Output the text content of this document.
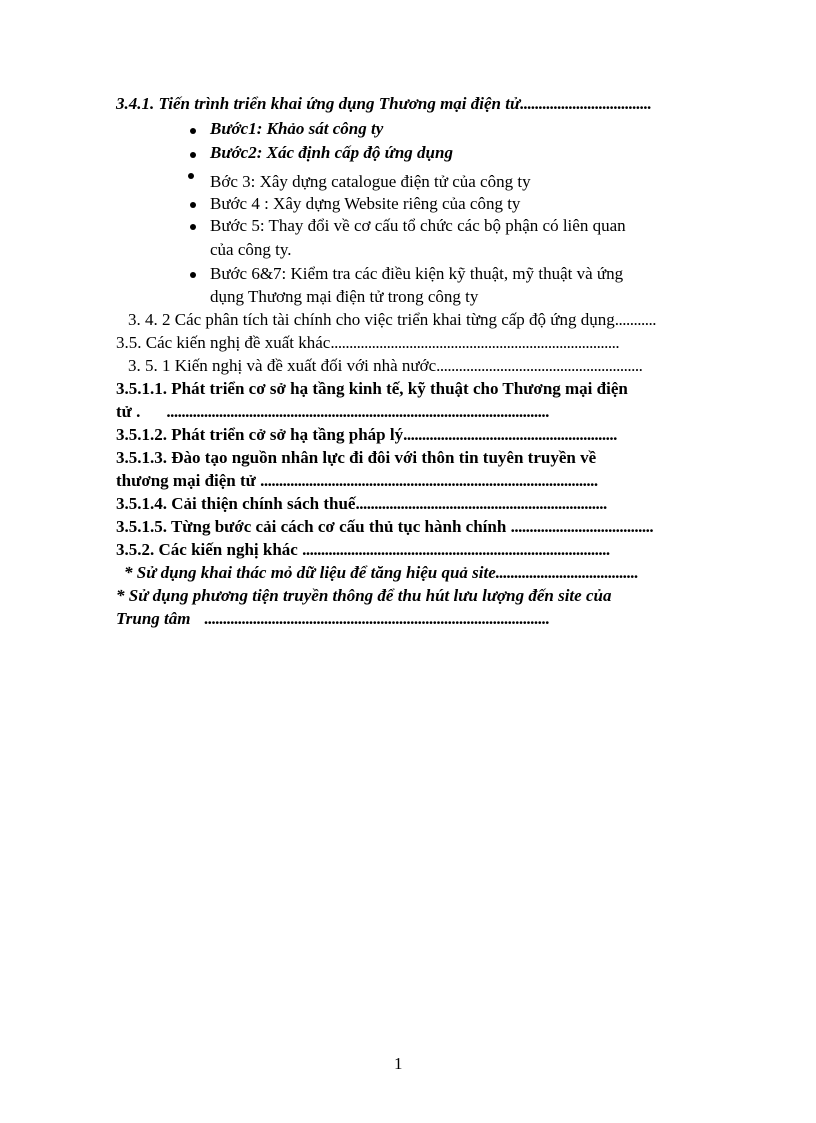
3.4.1. Tiến trình triển khai ứng dụng Thương mại điện tử...................................
Bước1: Khảo sát công ty
Bước2: Xác định cấp độ ứng dụng
Bớc 3: Xây dựng catalogue điện tử của công ty
Bước 4 : Xây dựng Website riêng của công ty
Bước 5: Thay đổi về cơ cấu tổ chức các bộ phận có liên quan
của công ty.
Bước 6&7: Kiểm tra các điều kiện kỹ thuật, mỹ thuật và ứng
dụng Thương mại điện tử trong công ty
3. 4. 2 Các phân tích tài chính cho việc triển khai từng cấp độ ứng dụng...........
3.5. Các kiến nghị đề xuất khác.............................................................................
3. 5. 1 Kiến nghị và đề xuất đối với nhà nước.......................................................
3.5.1.1. Phát triển cơ sở hạ tầng kinh tế, kỹ thuật cho Thương mại điện
tử . ......................................................................................................
3.5.1.2. Phát triển cở sở hạ tầng pháp lý.........................................................
3.5.1.3. Đào tạo nguồn nhân lực đi đôi với thôn tin tuyên truyền về
thương mại điện tử ..........................................................................................
3.5.1.4. Cải thiện chính sách thuế...................................................................
3.5.1.5. Từng bước cải cách cơ cấu thủ tục hành chính ......................................
3.5.2. Các kiến nghị khác ..................................................................................
* Sử dụng khai thác mỏ dữ liệu để tăng hiệu quả site......................................
* Sử dụng phương tiện truyền thông để thu hút lưu lượng đến site của
Trung tâm ............................................................................................
1
